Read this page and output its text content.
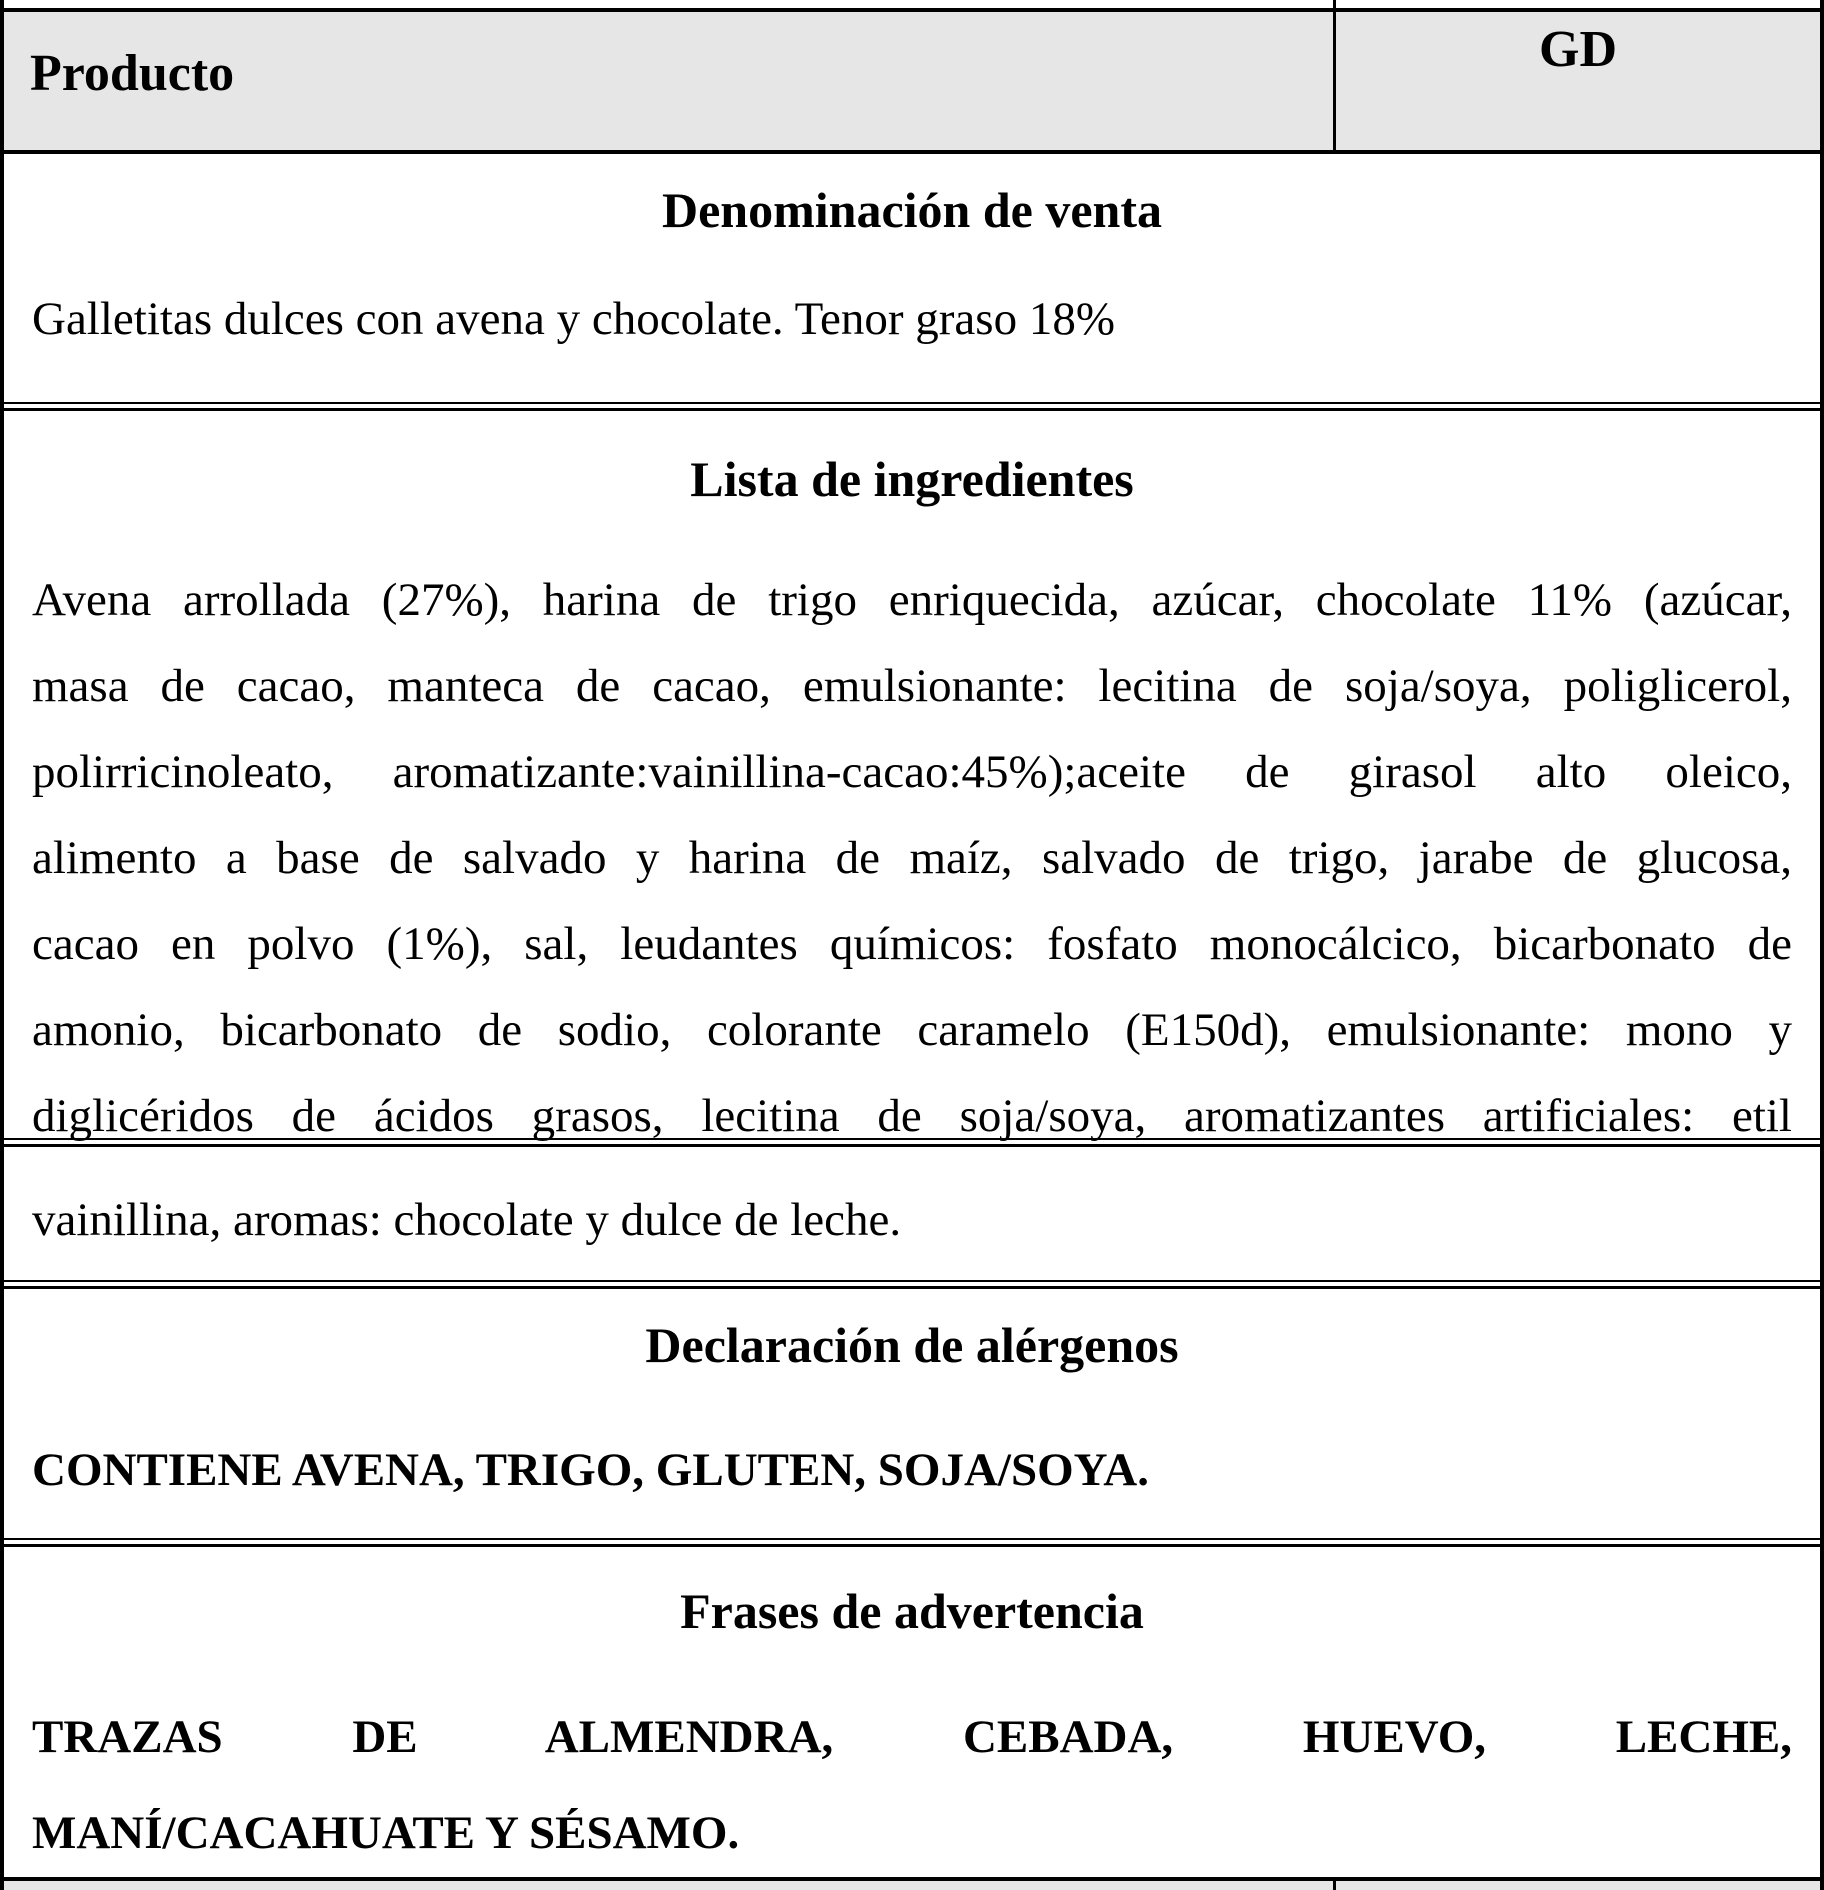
Producto	GD
Denominación de venta
Galletitas dulces con avena y chocolate. Tenor graso 18%
Lista de ingredientes
Avena arrollada (27%), harina de trigo enriquecida, azúcar, chocolate 11% (azúcar,
masa de cacao, manteca de cacao, emulsionante: lecitina de soja/soya, poliglicerol,
polirricinoleato, aromatizante:vainillina-cacao:45%);aceite de girasol alto oleico,
alimento a base de salvado y harina de maíz, salvado de trigo, jarabe de glucosa,
cacao en polvo (1%), sal, leudantes químicos: fosfato monocálcico, bicarbonato de
amonio, bicarbonato de sodio, colorante caramelo (E150d), emulsionante: mono y
diglicéridos de ácidos grasos, lecitina de soja/soya, aromatizantes artificiales: etil
vainillina, aromas: chocolate y dulce de leche.
Declaración de alérgenos
CONTIENE AVENA, TRIGO, GLUTEN, SOJA/SOYA.
Frases de advertencia
TRAZAS DE ALMENDRA, CEBADA, HUEVO, LECHE,
MANÍ/CACAHUATE Y SÉSAMO.
